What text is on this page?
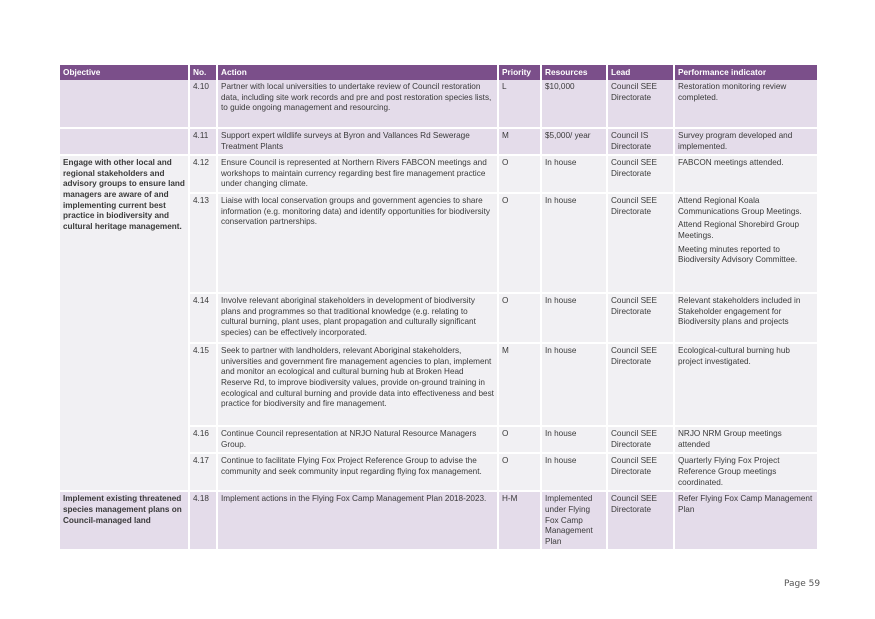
Objective	No.	Action	Priority	Resources	Lead	Performance indicator
	4.10	Partner with local universities to undertake review of Council restoration data, including site work records and pre and post restoration species lists, to guide ongoing management and resourcing.	L	$10,000	Council SEE Directorate	Restoration monitoring review completed.

	4.11	Support expert wildlife surveys at Byron and Vallances Rd Sewerage Treatment Plants	M	$5,000/ year	Council IS Directorate	Survey program developed and implemented.

Engage with other local and regional stakeholders and advisory groups to ensure land managers are aware of and implementing current best practice in biodiversity and cultural heritage management.	4.12	Ensure Council is represented at Northern Rivers FABCON meetings and workshops to maintain currency regarding best fire management practice under changing climate.	O	In house	Council SEE Directorate	FABCON meetings attended.

	4.13	Liaise with local conservation groups and government agencies to share information (e.g. monitoring data) and identify opportunities for biodiversity conservation partnerships.	O	In house	Council SEE Directorate	Attend Regional Koala Communications Group Meetings.

Attend Regional Shorebird Group Meetings.

Meeting minutes reported to Biodiversity Advisory Committee.

	4.14	Involve relevant aboriginal stakeholders in development of biodiversity plans and programmes so that traditional knowledge (e.g. relating to cultural burning, plant uses, plant propagation and culturally significant species) can be effectively incorporated.	O	In house	Council SEE Directorate	Relevant stakeholders included in Stakeholder engagement for Biodiversity plans and projects

	4.15	Seek to partner with landholders, relevant Aboriginal stakeholders, universities and government fire management agencies to plan, implement and monitor an ecological and cultural burning hub at Broken Head Reserve Rd, to improve biodiversity values, provide on-ground training in ecological and cultural burning and provide data into effectiveness and best practice for biodiversity and fire management.	M	In house	Council SEE Directorate	Ecological-cultural burning hub project investigated.

	4.16	Continue Council representation at NRJO Natural Resource Managers Group.	O	In house	Council SEE Directorate	NRJO NRM Group meetings attended

	4.17	Continue to facilitate Flying Fox Project Reference Group to advise the community and seek community input regarding flying fox management.	O	In house	Council SEE Directorate	Quarterly Flying Fox Project Reference Group meetings coordinated.

Implement existing threatened species management plans on Council-managed land	4.18	Implement actions in the Flying Fox Camp Management Plan 2018-2023.	H-M	Implemented under Flying Fox Camp Management Plan	Council SEE Directorate	Refer Flying Fox Camp Management Plan

Page 59
